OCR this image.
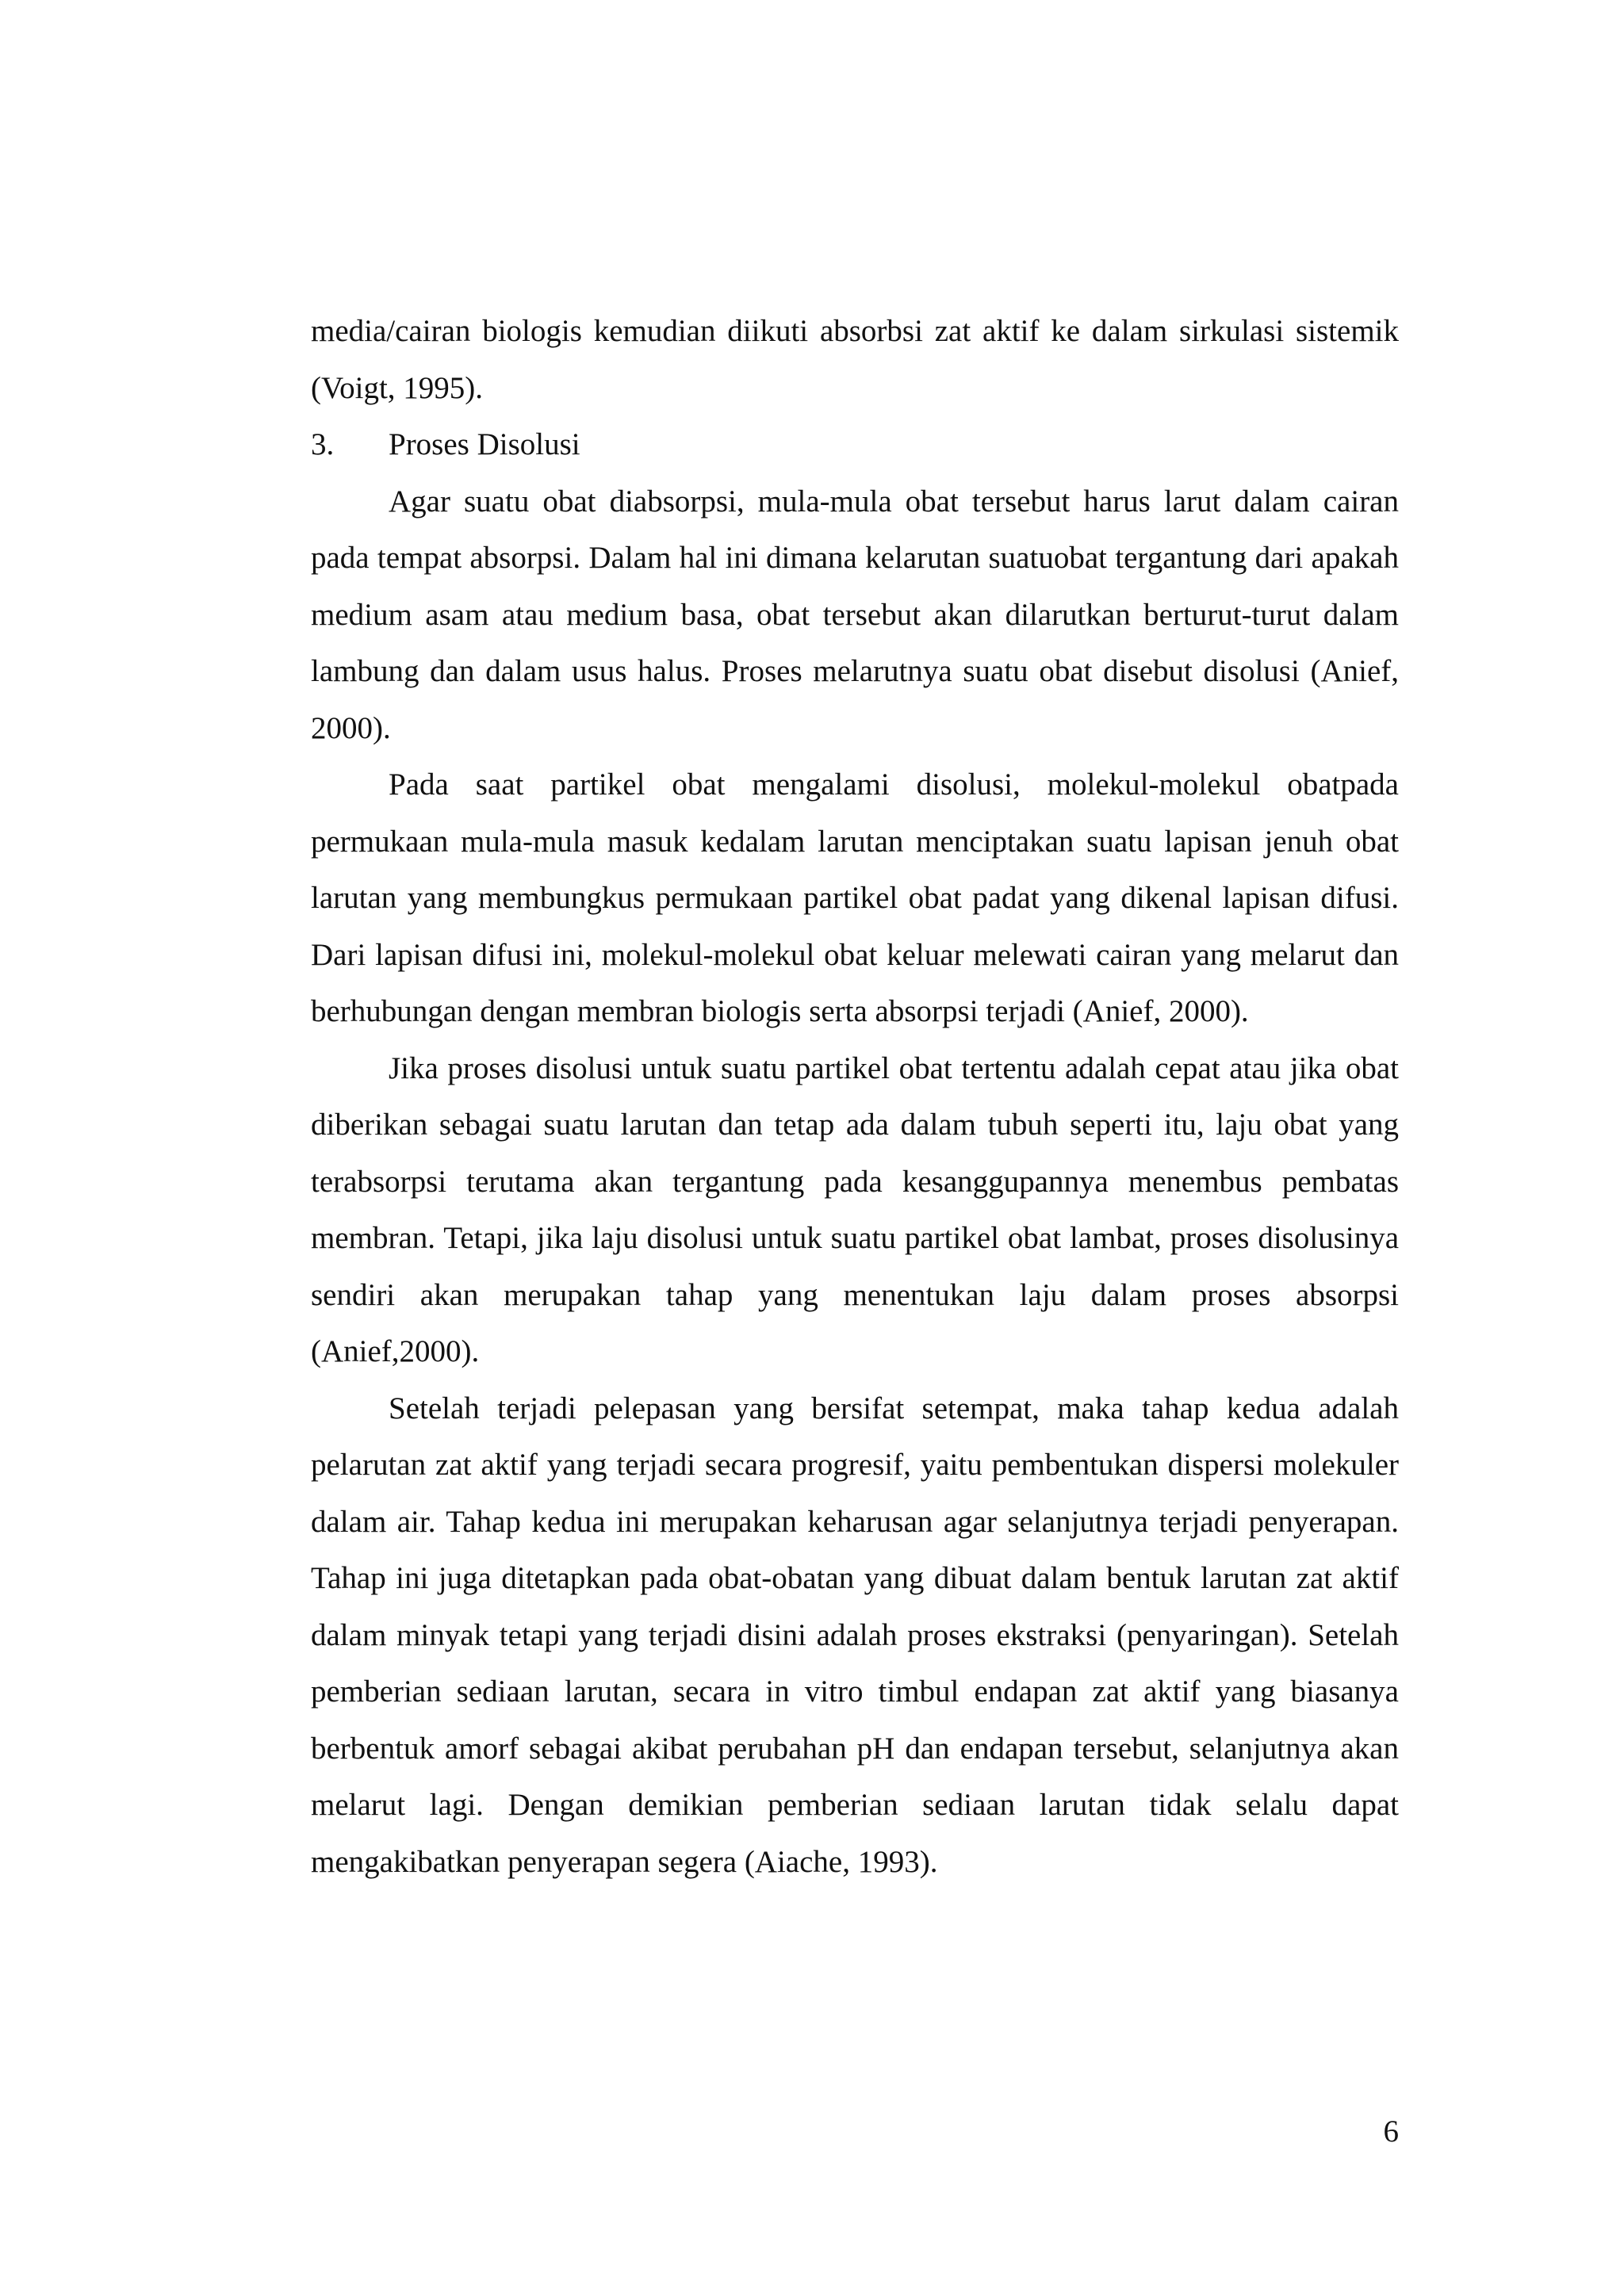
media/cairan biologis kemudian diikuti absorbsi zat aktif ke dalam sirkulasi sistemik (Voigt, 1995).

3.	Proses Disolusi

Agar suatu obat diabsorpsi, mula-mula obat tersebut harus larut dalam cairan pada tempat absorpsi. Dalam hal ini dimana kelarutan suatuobat tergantung dari apakah medium asam atau medium basa, obat tersebut akan dilarutkan berturut-turut dalam lambung dan dalam usus halus. Proses melarutnya suatu obat disebut disolusi (Anief, 2000).

Pada saat partikel obat mengalami disolusi, molekul-molekul obatpada permukaan mula-mula masuk kedalam larutan menciptakan suatu lapisan jenuh obat larutan yang membungkus permukaan partikel obat padat yang dikenal lapisan difusi. Dari lapisan difusi ini, molekul-molekul obat keluar melewati cairan yang melarut dan berhubungan dengan membran biologis serta absorpsi terjadi (Anief, 2000).

Jika proses disolusi untuk suatu partikel obat tertentu adalah cepat atau jika obat diberikan sebagai suatu larutan dan tetap ada dalam tubuh seperti itu, laju obat yang terabsorpsi terutama akan tergantung pada kesanggupannya menembus pembatas membran. Tetapi, jika laju disolusi untuk suatu partikel obat lambat, proses disolusinya sendiri akan merupakan tahap yang menentukan laju dalam proses absorpsi (Anief,2000).

Setelah terjadi pelepasan yang bersifat setempat, maka tahap kedua adalah pelarutan zat aktif yang terjadi secara progresif, yaitu pembentukan dispersi molekuler dalam air. Tahap kedua ini merupakan keharusan agar selanjutnya terjadi penyerapan. Tahap ini juga ditetapkan pada obat-obatan yang dibuat dalam bentuk larutan zat aktif dalam minyak tetapi yang terjadi disini adalah proses ekstraksi (penyaringan). Setelah pemberian sediaan larutan, secara in vitro timbul endapan zat aktif yang biasanya berbentuk amorf sebagai akibat perubahan pH dan endapan tersebut, selanjutnya akan melarut lagi. Dengan demikian pemberian sediaan larutan tidak selalu dapat mengakibatkan penyerapan segera (Aiache, 1993).

6
